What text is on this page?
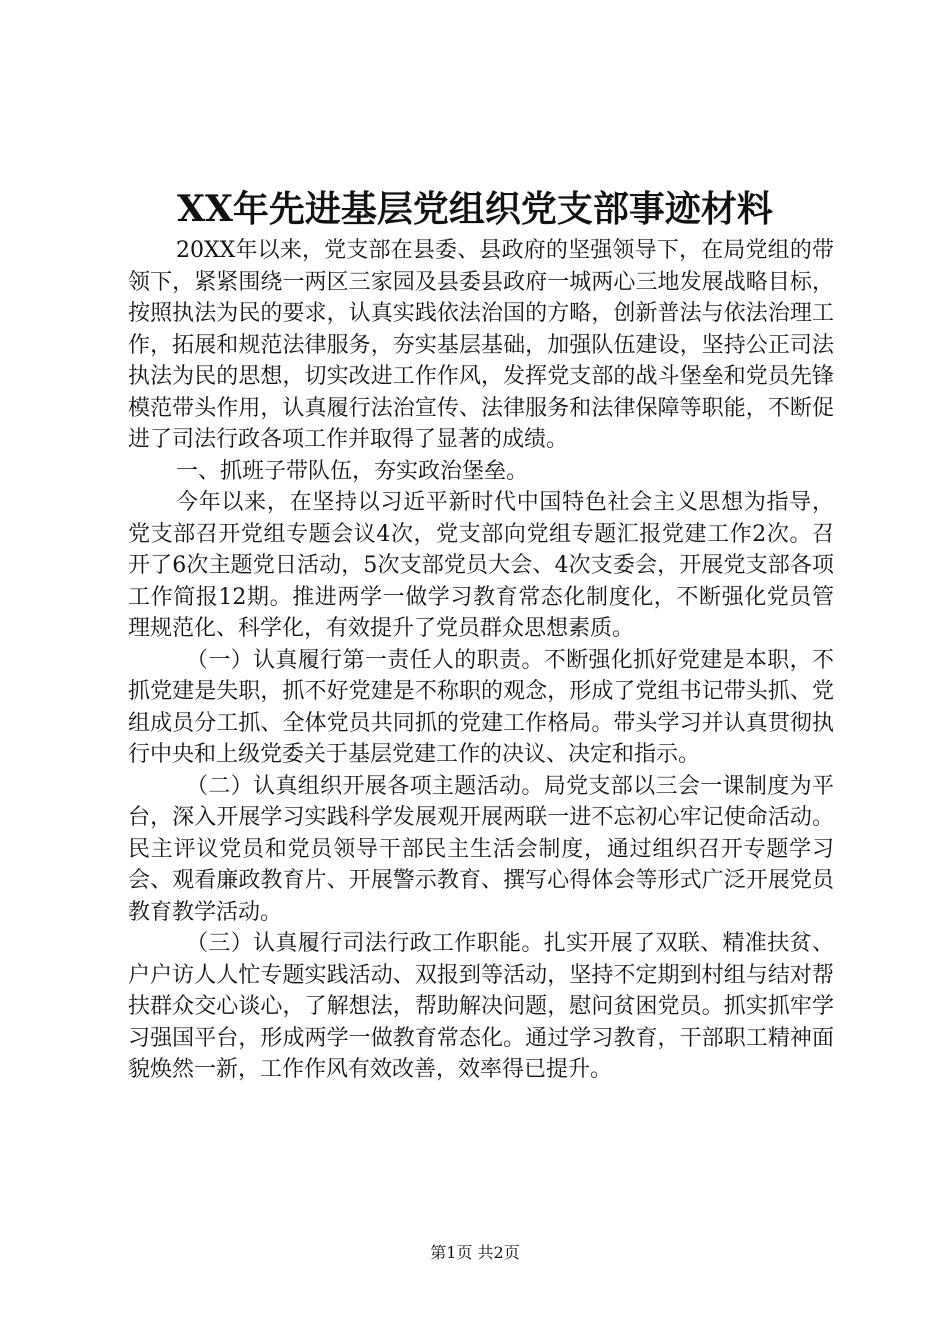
XX年先进基层党组织党支部事迹材料

20XX年以来，党支部在县委、县政府的坚强领导下，在局党组的带领下，紧紧围绕一两区三家园及县委县政府一城两心三地发展战略目标，按照执法为民的要求，认真实践依法治国的方略，创新普法与依法治理工作，拓展和规范法律服务，夯实基层基础，加强队伍建设，坚持公正司法执法为民的思想，切实改进工作作风，发挥党支部的战斗堡垒和党员先锋模范带头作用，认真履行法治宣传、法律服务和法律保障等职能，不断促进了司法行政各项工作并取得了显著的成绩。

一、抓班子带队伍，夯实政治堡垒。

今年以来，在坚持以习近平新时代中国特色社会主义思想为指导，党支部召开党组专题会议4次，党支部向党组专题汇报党建工作2次。召开了6次主题党日活动，5次支部党员大会、4次支委会，开展党支部各项工作简报12期。推进两学一做学习教育常态化制度化，不断强化党员管理规范化、科学化，有效提升了党员群众思想素质。

（一）认真履行第一责任人的职责。不断强化抓好党建是本职，不抓党建是失职，抓不好党建是不称职的观念，形成了党组书记带头抓、党组成员分工抓、全体党员共同抓的党建工作格局。带头学习并认真贯彻执行中央和上级党委关于基层党建工作的决议、决定和指示。

（二）认真组织开展各项主题活动。局党支部以三会一课制度为平台，深入开展学习实践科学发展观开展两联一进不忘初心牢记使命活动。民主评议党员和党员领导干部民主生活会制度，通过组织召开专题学习会、观看廉政教育片、开展警示教育、撰写心得体会等形式广泛开展党员教育教学活动。

（三）认真履行司法行政工作职能。扎实开展了双联、精准扶贫、户户访人人忙专题实践活动、双报到等活动，坚持不定期到村组与结对帮扶群众交心谈心，了解想法，帮助解决问题，慰问贫困党员。抓实抓牢学习强国平台，形成两学一做教育常态化。通过学习教育，干部职工精神面貌焕然一新，工作作风有效改善，效率得已提升。

第1页 共2页
